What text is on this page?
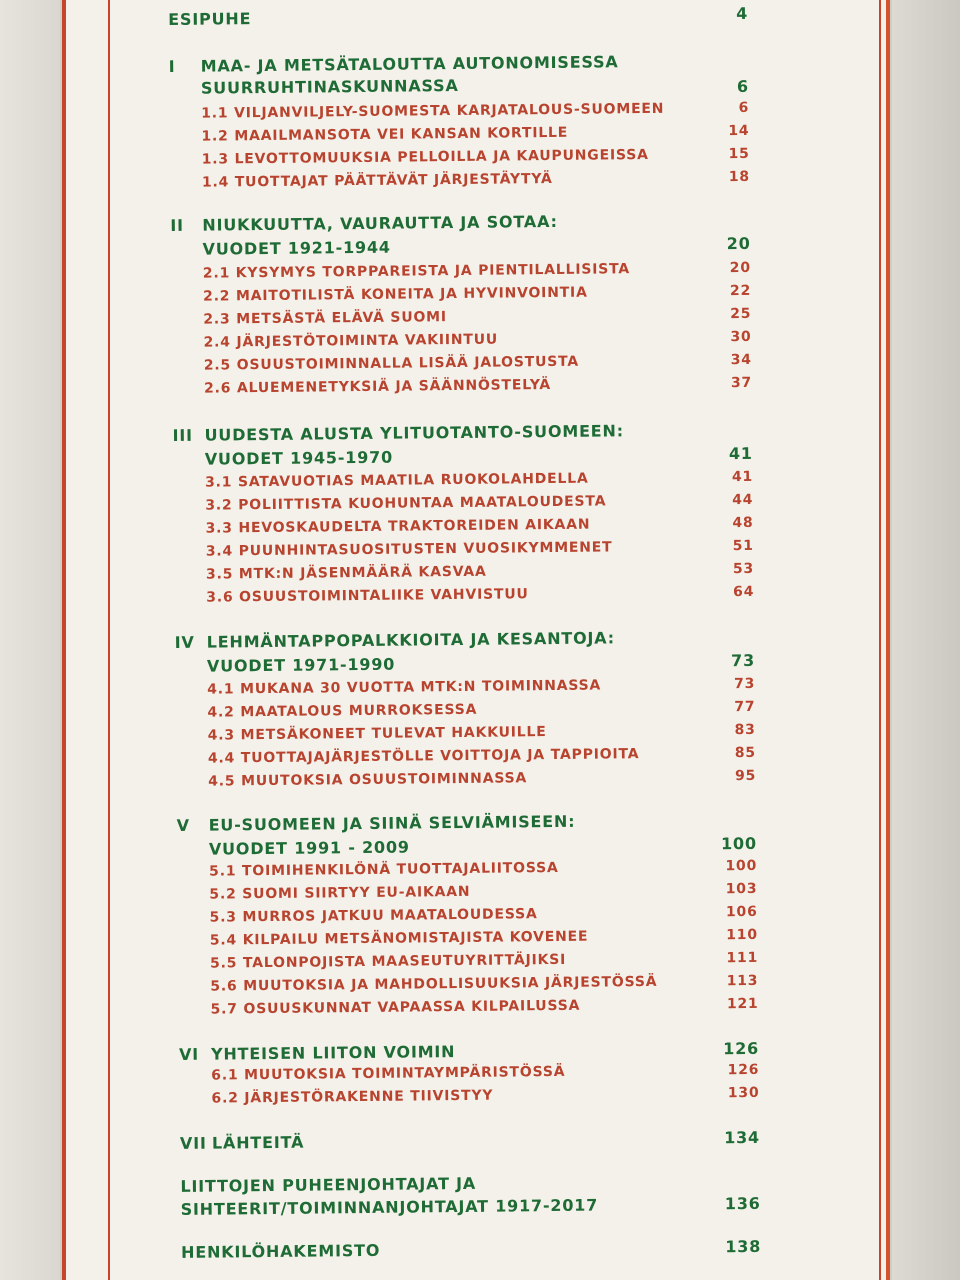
ESIPUHE	4
I MAA- JA METSÄTALOUTTA AUTONOMISESSA
SUURRUHTINASKUNNASSA	6
1.1 VILJANVILJELY-SUOMESTA KARJATALOUS-SUOMEEN	6
1.2 MAAILMANSOTA VEI KANSAN KORTILLE	14
1.3 LEVOTTOMUUKSIA PELLOILLA JA KAUPUNGEISSA	15
1.4 TUOTTAJAT PÄÄTTÄVÄT JÄRJESTÄYTYÄ	18
II NIUKKUUTTA, VAURAUTTA JA SOTAA:
VUODET 1921-1944	20
2.1 KYSYMYS TORPPAREISTA JA PIENTILALLISISTA	20
2.2 MAITOTILISTÄ KONEITA JA HYVINVOINTIA	22
2.3 METSÄSTÄ ELÄVÄ SUOMI	25
2.4 JÄRJESTÖTOIMINTA VAKIINTUU	30
2.5 OSUUSTOIMINNALLA LISÄÄ JALOSTUSTA	34
2.6 ALUEMENETYKSIÄ JA SÄÄNNÖSTELYÄ	37
III UUDESTA ALUSTA YLITUOTANTO-SUOMEEN:
VUODET 1945-1970	41
3.1 SATAVUOTIAS MAATILA RUOKOLAHDELLA	41
3.2 POLIITTISTA KUOHUNTAA MAATALOUDESTA	44
3.3 HEVOSKAUDELTA TRAKTOREIDEN AIKAAN	48
3.4 PUUNHINTASUOSITUSTEN VUOSIKYMMENET	51
3.5 MTK:N JÄSENMÄÄRÄ KASVAA	53
3.6 OSUUSTOIMINTALIIKE VAHVISTUU	64
IV LEHMÄNTAPPOPALKKIOITA JA KESANTOJA:
VUODET 1971-1990	73
4.1 MUKANA 30 VUOTTA MTK:N TOIMINNASSA	73
4.2 MAATALOUS MURROKSESSA	77
4.3 METSÄKONEET TULEVAT HAKKUILLE	83
4.4 TUOTTAJAJÄRJESTÖLLE VOITTOJA JA TAPPIOITA	85
4.5 MUUTOKSIA OSUUSTOIMINNASSA	95
V EU-SUOMEEN JA SIINÄ SELVIÄMISEEN:
VUODET 1991 - 2009	100
5.1 TOIMIHENKILÖNÄ TUOTTAJALIITOSSA	100
5.2 SUOMI SIIRTYY EU-AIKAAN	103
5.3 MURROS JATKUU MAATALOUDESSA	106
5.4 KILPAILU METSÄNOMISTAJISTA KOVENEE	110
5.5 TALONPOJISTA MAASEUTUYRITTÄJIKSI	111
5.6 MUUTOKSIA JA MAHDOLLISUUKSIA JÄRJESTÖSSÄ	113
5.7 OSUUSKUNNAT VAPAASSA KILPAILUSSA	121
VI YHTEISEN LIITON VOIMIN	126
6.1 MUUTOKSIA TOIMINTAYMPÄRISTÖSSÄ	126
6.2 JÄRJESTÖRAKENNE TIIVISTYY	130
VII LÄHTEITÄ	134
LIITTOJEN PUHEENJOHTAJAT JA
SIHTEERIT/TOIMINNANJOHTAJAT 1917-2017	136
HENKILÖHAKEMISTO	138
